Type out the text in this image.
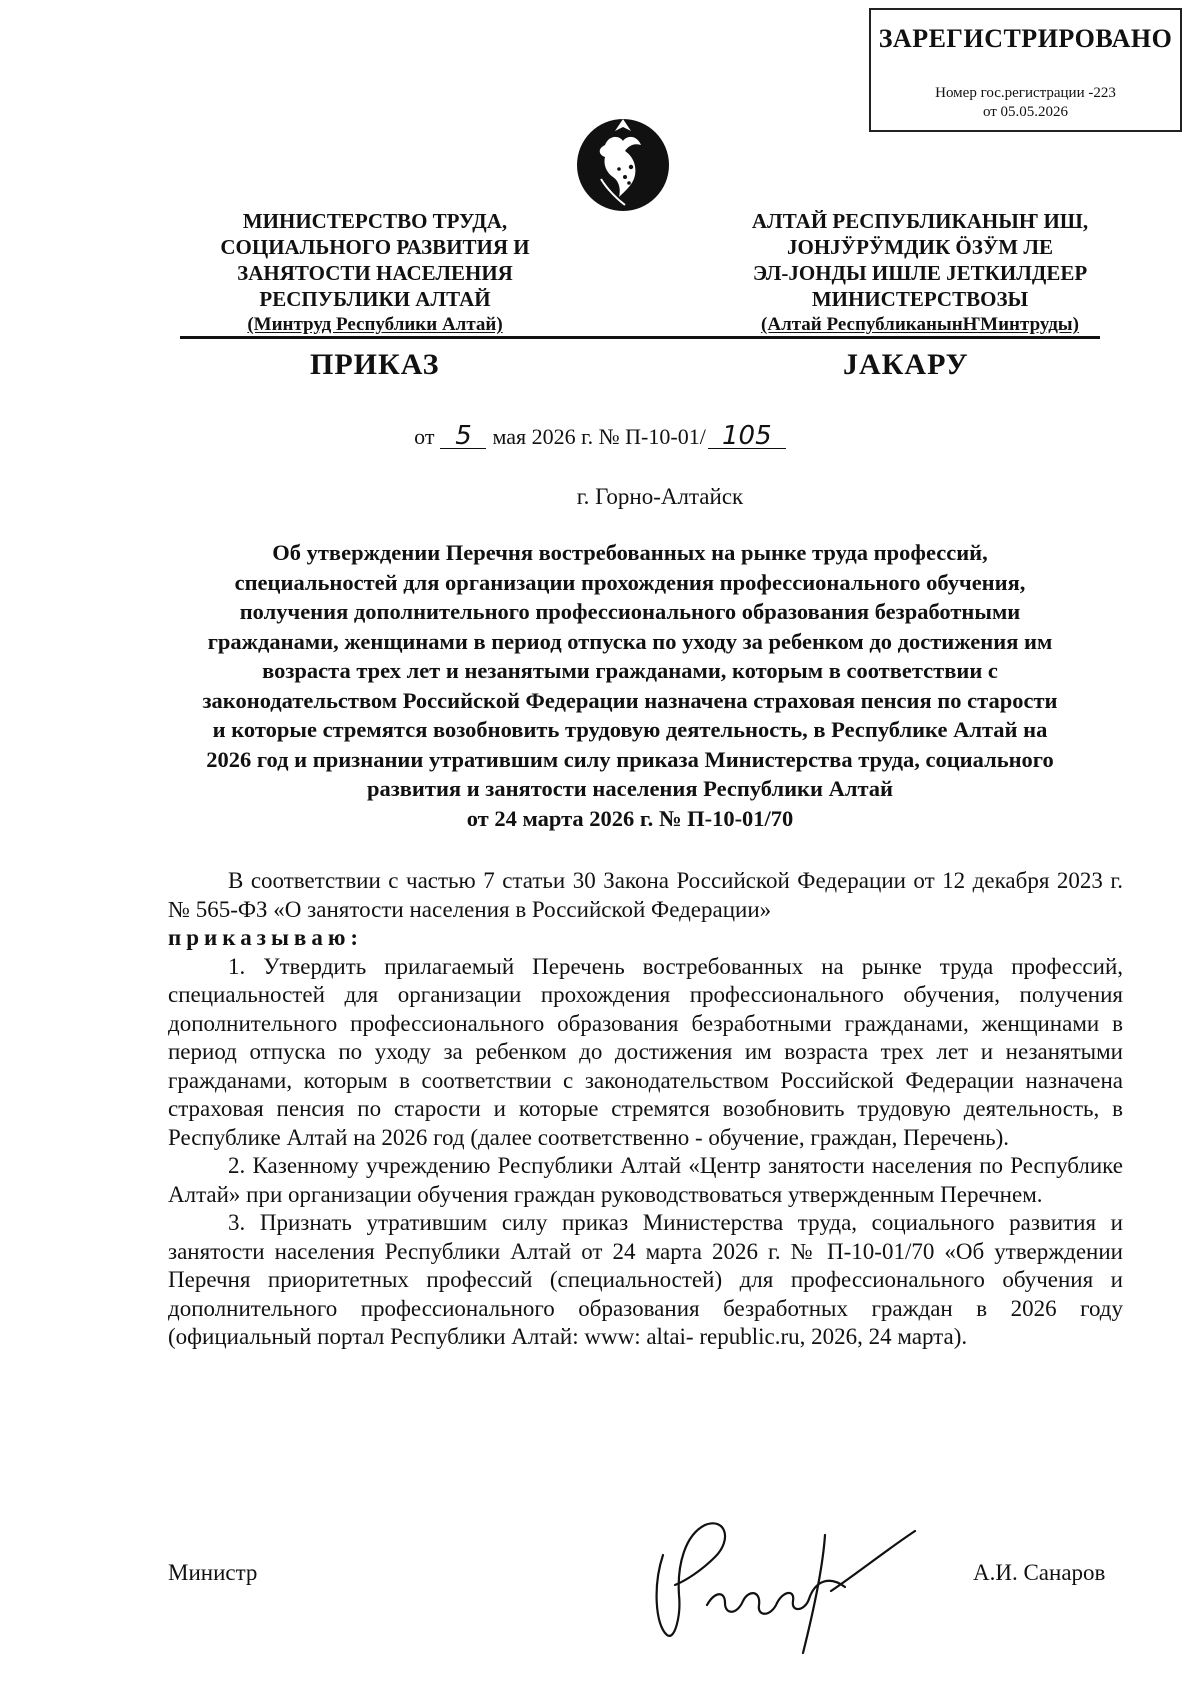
ЗАРЕГИСТРИРОВАНО
Номер гос.регистрации -223
от 05.05.2026
МИНИСТЕРСТВО ТРУДА,
СОЦИАЛЬНОГО РАЗВИТИЯ И
ЗАНЯТОСТИ НАСЕЛЕНИЯ
РЕСПУБЛИКИ АЛТАЙ
(Минтруд Республики Алтай)
АЛТАЙ РЕСПУБЛИКАНЫҤ ИШ,
ЈОНЈӰРӰМДИК ӦЗӰМ ЛЕ
ЭЛ-ЈОНДЫ ИШЛЕ ЈЕТКИЛДЕЕР
МИНИСТЕРСТВОЗЫ
(Алтай РеспубликанынҤМинтруды)
ПРИКАЗ	ЈАКАРУ
от 5 мая 2026 г. № П-10-01/ 105
г. Горно-Алтайск
Об утверждении Перечня востребованных на рынке труда профессий,
специальностей для организации прохождения профессионального обучения,
получения дополнительного профессионального образования безработными
гражданами, женщинами в период отпуска по уходу за ребенком до достижения им
возраста трех лет и незанятыми гражданами, которым в соответствии с
законодательством Российской Федерации назначена страховая пенсия по старости
и которые стремятся возобновить трудовую деятельность, в Республике Алтай на
2026 год и признании утратившим силу приказа Министерства труда, социального
развития и занятости населения Республики Алтай
от 24 марта 2026 г. № П-10-01/70

В соответствии с частью 7 статьи 30 Закона Российской Федерации от 12 декабря 2023 г. № 565-ФЗ «О занятости населения в Российской Федерации»

приказываю:

1. Утвердить прилагаемый Перечень востребованных на рынке труда профессий, специальностей для организации прохождения профессионального обучения, получения дополнительного профессионального образования безработными гражданами, женщинами в период отпуска по уходу за ребенком до достижения им возраста трех лет и незанятыми гражданами, которым в соответствии с законодательством Российской Федерации назначена страховая пенсия по старости и которые стремятся возобновить трудовую деятельность, в Республике Алтай на 2026 год (далее соответственно - обучение, граждан, Перечень).

2. Казенному учреждению Республики Алтай «Центр занятости населения по Республике Алтай» при организации обучения граждан руководствоваться утвержденным Перечнем.

3. Признать утратившим силу приказ Министерства труда, социального развития и занятости населения Республики Алтай от 24 марта 2026 г. № П-10-01/70 «Об утверждении Перечня приоритетных профессий (специальностей) для профессионального обучения и дополнительного профессионального образования безработных граждан в 2026 году (официальный портал Республики Алтай: www: altai- republic.ru, 2026, 24 марта).

Министр	А.И. Санаров
